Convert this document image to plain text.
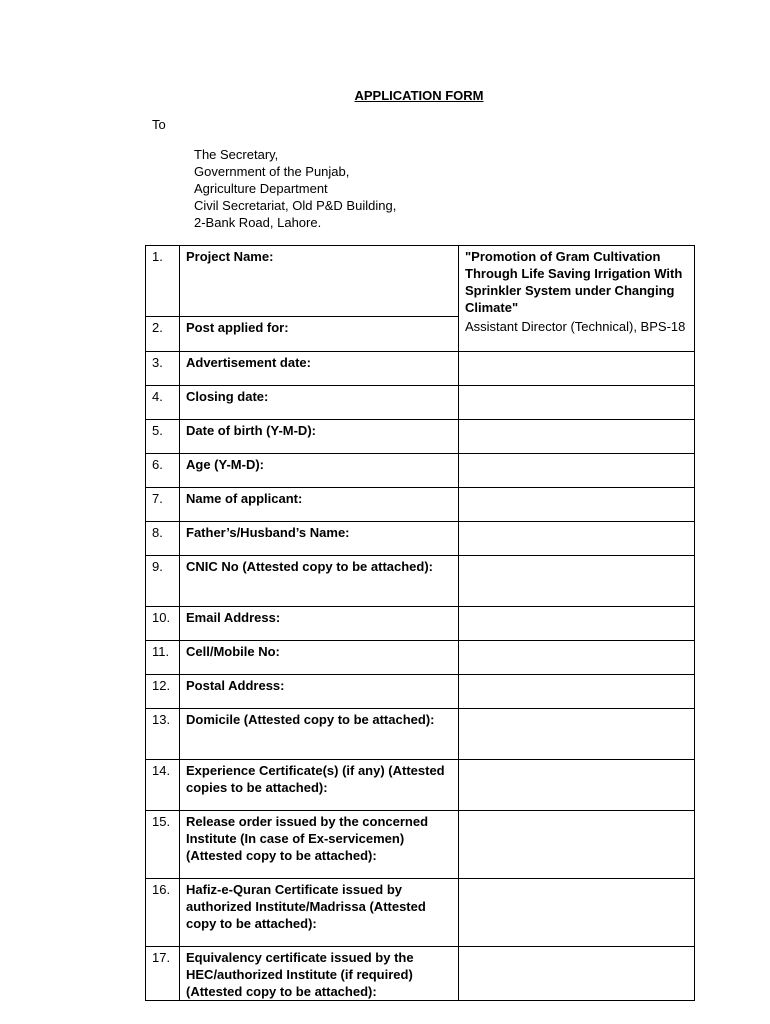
APPLICATION FORM
To
The Secretary,
Government of the Punjab,
Agriculture Department
Civil Secretariat, Old P&D Building,
2-Bank Road, Lahore.
1.	Project Name:	"Promotion of Gram Cultivation Through Life Saving Irrigation With Sprinkler System under Changing Climate"
2.	Post applied for:	Assistant Director (Technical), BPS-18
3.	Advertisement date:	
4.	Closing date:	
5.	Date of birth (Y-M-D):	
6.	Age (Y-M-D):	
7.	Name of applicant:	
8.	Father’s/Husband’s Name:	
9.	CNIC No (Attested copy to be attached):	
10.	Email Address:	
11.	Cell/Mobile No:	
12.	Postal Address:	
13.	Domicile (Attested copy to be attached):	
14.	Experience Certificate(s) (if any) (Attested copies to be attached):	
15.	Release order issued by the concerned Institute (In case of Ex-servicemen) (Attested copy to be attached):	
16.	Hafiz-e-Quran Certificate issued by authorized Institute/Madrissa (Attested copy to be attached):	
17.	Equivalency certificate issued by the HEC/authorized Institute (if required) (Attested copy to be attached):	
